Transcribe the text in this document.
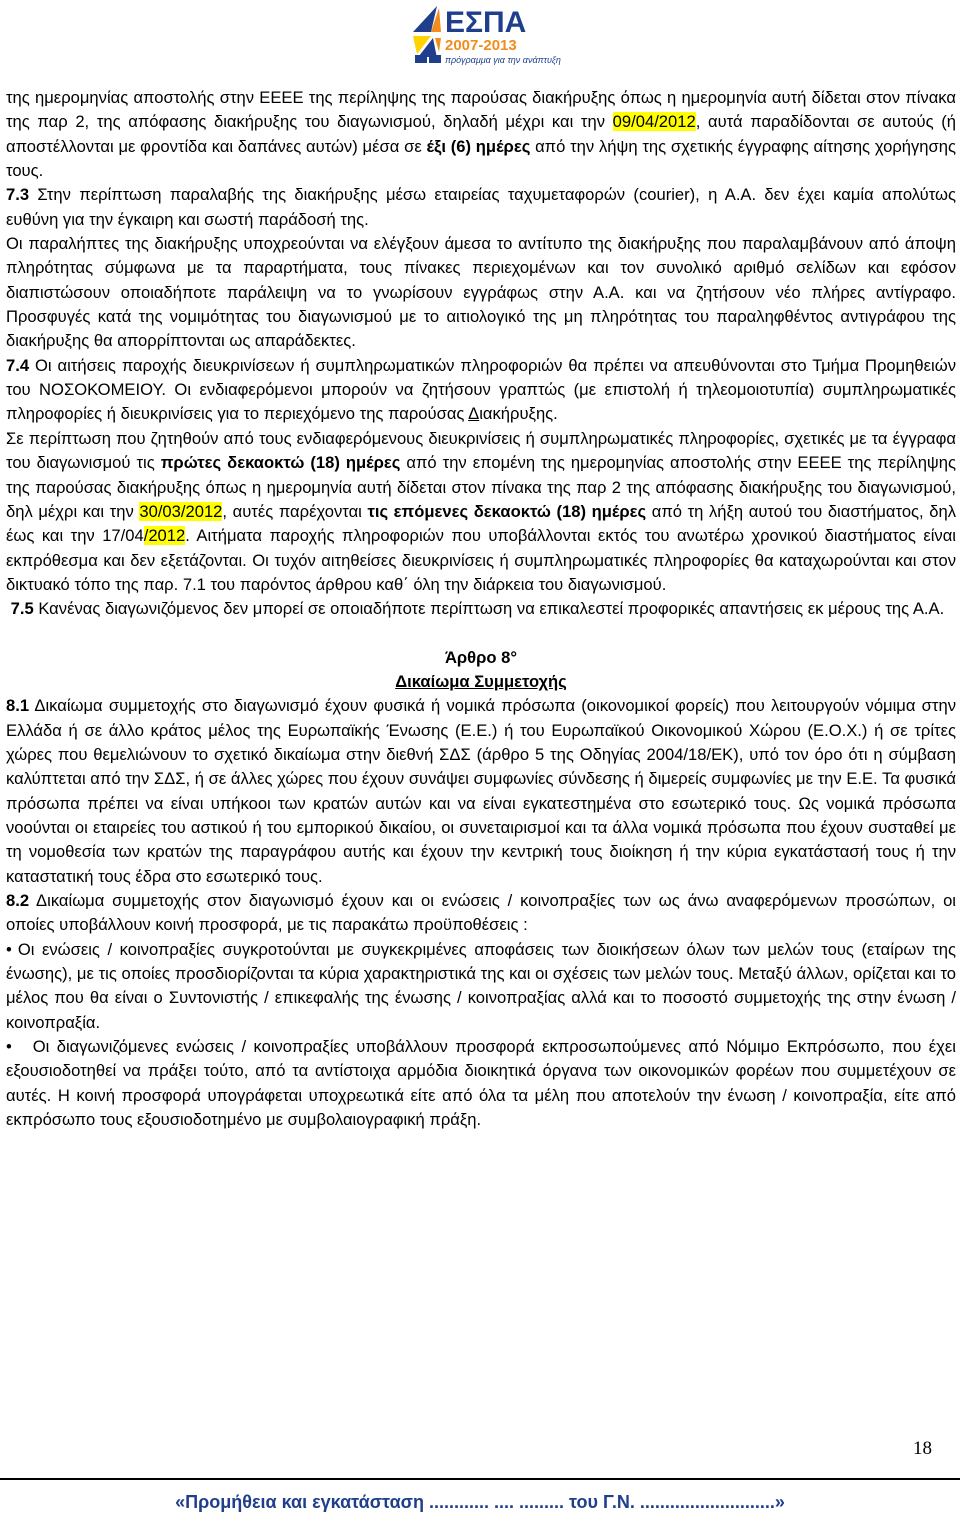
ΕΣΠΑ
2007-2013
πρόγραμμα για την ανάπτυξη

της ημερομηνίας αποστολής στην ΕΕΕΕ της περίληψης της παρούσας διακήρυξης όπως η ημερομηνία αυτή δίδεται στον πίνακα της παρ 2, της απόφασης διακήρυξης του διαγωνισμού, δηλαδή μέχρι και την 09/04/2012, αυτά παραδίδονται σε αυτούς (ή αποστέλλονται με φροντίδα και δαπάνες αυτών) μέσα σε έξι (6) ημέρες από την λήψη της σχετικής έγγραφης αίτησης χορήγησης τους.

7.3 Στην περίπτωση παραλαβής της διακήρυξης μέσω εταιρείας ταχυμεταφορών (courier), η Α.Α. δεν έχει καμία απολύτως ευθύνη για την έγκαιρη και σωστή παράδοσή της.

Οι παραλήπτες της διακήρυξης υποχρεούνται να ελέγξουν άμεσα το αντίτυπο της διακήρυξης που παραλαμβάνουν από άποψη πληρότητας σύμφωνα με τα παραρτήματα, τους πίνακες περιεχομένων και τον συνολικό αριθμό σελίδων και εφόσον διαπιστώσουν οποιαδήποτε παράλειψη να το γνωρίσουν εγγράφως στην Α.Α. και να ζητήσουν νέο πλήρες αντίγραφο. Προσφυγές κατά της νομιμότητας του διαγωνισμού με το αιτιολογικό της μη πληρότητας του παραληφθέντος αντιγράφου της διακήρυξης θα απορρίπτονται ως απαράδεκτες.

7.4 Οι αιτήσεις παροχής διευκρινίσεων ή συμπληρωματικών πληροφοριών θα πρέπει να απευθύνονται στο Τμήμα Προμηθειών του ΝΟΣΟΚΟΜΕΙΟΥ. Οι ενδιαφερόμενοι μπορούν να ζητήσουν γραπτώς (με επιστολή ή τηλεομοιοτυπία) συμπληρωματικές πληροφορίες ή διευκρινίσεις για το περιεχόμενο της παρούσας Διακήρυξης.

Σε περίπτωση που ζητηθούν από τους ενδιαφερόμενους διευκρινίσεις ή συμπληρωματικές πληροφορίες, σχετικές με τα έγγραφα του διαγωνισμού τις πρώτες δεκαοκτώ (18) ημέρες από την επομένη της ημερομηνίας αποστολής στην ΕΕΕΕ της περίληψης της παρούσας διακήρυξης όπως η ημερομηνία αυτή δίδεται στον πίνακα της παρ 2 της απόφασης διακήρυξης του διαγωνισμού, δηλ μέχρι και την 30/03/2012, αυτές παρέχονται τις επόμενες δεκαοκτώ (18) ημέρες από τη λήξη αυτού του διαστήματος, δηλ έως και την 17/04/2012. Αιτήματα παροχής πληροφοριών που υποβάλλονται εκτός του ανωτέρω χρονικού διαστήματος είναι εκπρόθεσμα και δεν εξετάζονται. Οι τυχόν αιτηθείσες διευκρινίσεις ή συμπληρωματικές πληροφορίες θα καταχωρούνται και στον δικτυακό τόπο της παρ. 7.1 του παρόντος άρθρου καθ΄ όλη την διάρκεια του διαγωνισμού.

7.5 Κανένας διαγωνιζόμενος δεν μπορεί σε οποιαδήποτε περίπτωση να επικαλεστεί προφορικές απαντήσεις εκ μέρους της Α.Α.

Άρθρο 8°

Δικαίωμα Συμμετοχής

8.1 Δικαίωμα συμμετοχής στο διαγωνισμό έχουν φυσικά ή νομικά πρόσωπα (οικονομικοί φορείς) που λειτουργούν νόμιμα στην Ελλάδα ή σε άλλο κράτος μέλος της Ευρωπαϊκής Ένωσης (Ε.Ε.) ή του Ευρωπαϊκού Οικονομικού Χώρου (Ε.Ο.Χ.) ή σε τρίτες χώρες που θεμελιώνουν το σχετικό δικαίωμα στην διεθνή ΣΔΣ (άρθρο 5 της Οδηγίας 2004/18/ΕΚ), υπό τον όρο ότι η σύμβαση καλύπτεται από την ΣΔΣ, ή σε άλλες χώρες που έχουν συνάψει συμφωνίες σύνδεσης ή διμερείς συμφωνίες με την Ε.Ε. Τα φυσικά πρόσωπα πρέπει να είναι υπήκοοι των κρατών αυτών και να είναι εγκατεστημένα στο εσωτερικό τους. Ως νομικά πρόσωπα νοούνται οι εταιρείες του αστικού ή του εμπορικού δικαίου, οι συνεταιρισμοί και τα άλλα νομικά πρόσωπα που έχουν συσταθεί με τη νομοθεσία των κρατών της παραγράφου αυτής και έχουν την κεντρική τους διοίκηση ή την κύρια εγκατάστασή τους ή την καταστατική τους έδρα στο εσωτερικό τους.

8.2 Δικαίωμα συμμετοχής στον διαγωνισμό έχουν και οι ενώσεις / κοινοπραξίες των ως άνω αναφερόμενων προσώπων, οι οποίες υποβάλλουν κοινή προσφορά, με τις παρακάτω προϋποθέσεις :

• Οι ενώσεις / κοινοπραξίες συγκροτούνται με συγκεκριμένες αποφάσεις των διοικήσεων όλων των μελών τους (εταίρων της ένωσης), με τις οποίες προσδιορίζονται τα κύρια χαρακτηριστικά της και οι σχέσεις των μελών τους. Μεταξύ άλλων, ορίζεται και το μέλος που θα είναι ο Συντονιστής / επικεφαλής της ένωσης / κοινοπραξίας αλλά και το ποσοστό συμμετοχής της στην ένωση /κοινοπραξία.

• Οι διαγωνιζόμενες ενώσεις / κοινοπραξίες υποβάλλουν προσφορά εκπροσωπούμενες από Νόμιμο Εκπρόσωπο, που έχει εξουσιοδοτηθεί να πράξει τούτο, από τα αντίστοιχα αρμόδια διοικητικά όργανα των οικονομικών φορέων που συμμετέχουν σε αυτές. Η κοινή προσφορά υπογράφεται υποχρεωτικά είτε από όλα τα μέλη που αποτελούν την ένωση / κοινοπραξία, είτε από εκπρόσωπο τους εξουσιοδοτημένο με συμβολαιογραφική πράξη.

18
«Προμήθεια και εγκατάσταση ............ .... ......... του Γ.Ν. ...........................»
